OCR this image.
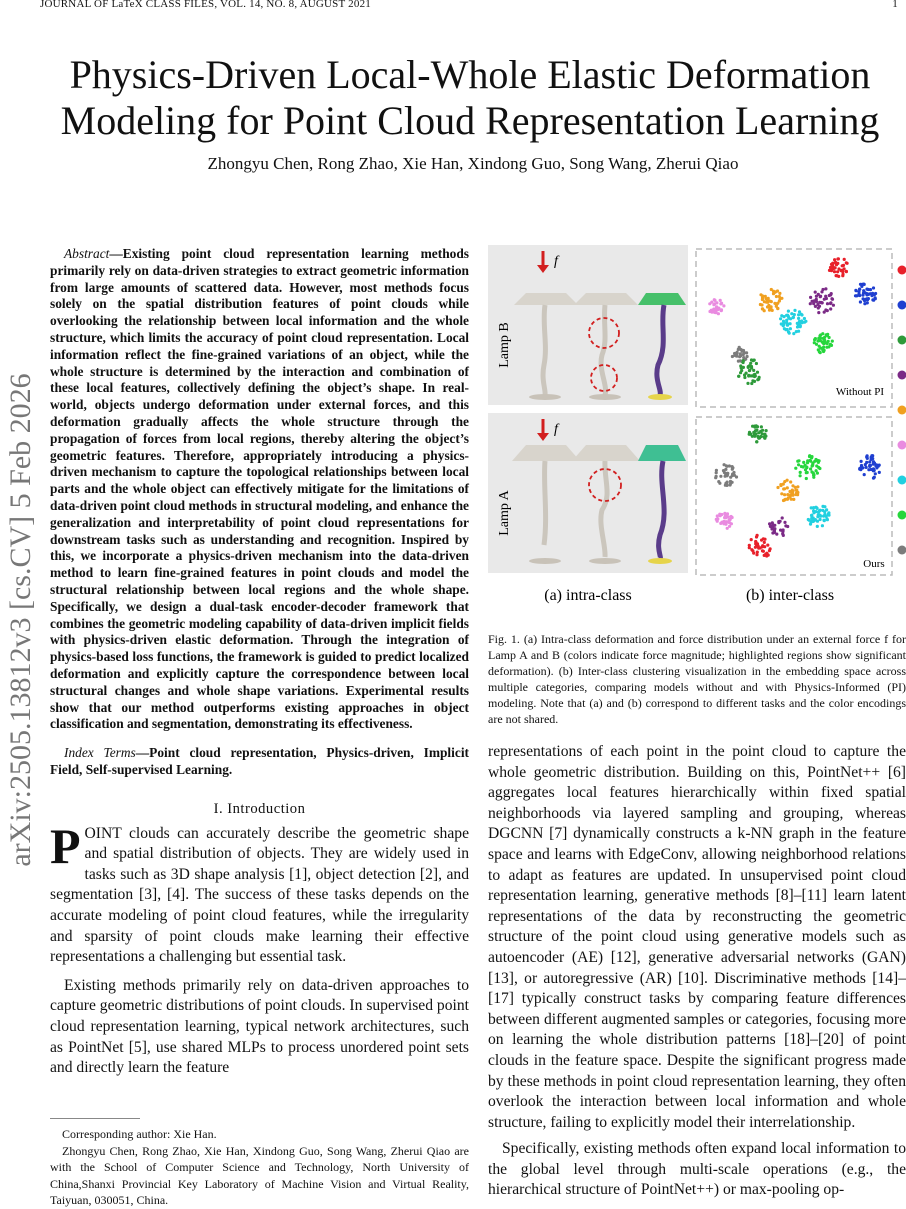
JOURNAL OF LaTeX CLASS FILES, VOL. 14, NO. 8, AUGUST 2021	1
Physics-Driven Local-Whole Elastic Deformation Modeling for Point Cloud Representation Learning
Zhongyu Chen, Rong Zhao, Xie Han, Xindong Guo, Song Wang, Zherui Qiao
arXiv:2505.13812v3 [cs.CV] 5 Feb 2026

Abstract—Existing point cloud representation learning methods primarily rely on data-driven strategies to extract geometric information from large amounts of scattered data. However, most methods focus solely on the spatial distribution features of point clouds while overlooking the relationship between local information and the whole structure, which limits the accuracy of point cloud representation. Local information reflect the fine-grained variations of an object, while the whole structure is determined by the interaction and combination of these local features, collectively defining the object’s shape. In real-world, objects undergo deformation under external forces, and this deformation gradually affects the whole structure through the propagation of forces from local regions, thereby altering the object’s geometric features. Therefore, appropriately introducing a physics-driven mechanism to capture the topological relationships between local parts and the whole object can effectively mitigate for the limitations of data-driven point cloud methods in structural modeling, and enhance the generalization and interpretability of point cloud representations for downstream tasks such as understanding and recognition. Inspired by this, we incorporate a physics-driven mechanism into the data-driven method to learn fine-grained features in point clouds and model the structural relationship between local regions and the whole shape. Specifically, we design a dual-task encoder-decoder framework that combines the geometric modeling capability of data-driven implicit fields with physics-driven elastic deformation. Through the integration of physics-based loss functions, the framework is guided to predict localized deformation and explicitly capture the correspondence between local structural changes and whole shape variations. Experimental results show that our method outperforms existing approaches in object classification and segmentation, demonstrating its effectiveness.

Index Terms—Point cloud representation, Physics-driven, Implicit Field, Self-supervised Learning.

I. Introduction

POINT clouds can accurately describe the geometric shape and spatial distribution of objects. They are widely used in tasks such as 3D shape analysis [1], object detection [2], and segmentation [3], [4]. The success of these tasks depends on the accurate modeling of point cloud features, while the irregularity and sparsity of point clouds make learning their effective representations a challenging but essential task.

Existing methods primarily rely on data-driven approaches to capture geometric distributions of point clouds. In supervised point cloud representation learning, typical network architectures, such as PointNet [5], use shared MLPs to process unordered point sets and directly learn the feature

Corresponding author: Xie Han.

Zhongyu Chen, Rong Zhao, Xie Han, Xindong Guo, Song Wang, Zherui Qiao are with the School of Computer Science and Technology, North University of China,Shanxi Provincial Key Laboratory of Machine Vision and Virtual Reality, Taiyuan, 030051, China.

Lamp B
f
Lamp A
f
Without PI
Ours
(a) intra-class	(b) inter-class
Fig. 1. (a) Intra-class deformation and force distribution under an external force f for Lamp A and B (colors indicate force magnitude; highlighted regions show significant deformation). (b) Inter-class clustering visualization in the embedding space across multiple categories, comparing models without and with Physics-Informed (PI) modeling. Note that (a) and (b) correspond to different tasks and the color encodings are not shared.

representations of each point in the point cloud to capture the whole geometric distribution. Building on this, PointNet++ [6] aggregates local features hierarchically within fixed spatial neighborhoods via layered sampling and grouping, whereas DGCNN [7] dynamically constructs a k-NN graph in the feature space and learns with EdgeConv, allowing neighborhood relations to adapt as features are updated. In unsupervised point cloud representation learning, generative methods [8]–[11] learn latent representations of the data by reconstructing the geometric structure of the point cloud using generative models such as autoencoder (AE) [12], generative adversarial networks (GAN) [13], or autoregressive (AR) [10]. Discriminative methods [14]–[17] typically construct tasks by comparing feature differences between different augmented samples or categories, focusing more on learning the whole distribution patterns [18]–[20] of point clouds in the feature space. Despite the significant progress made by these methods in point cloud representation learning, they often overlook the interaction between local information and whole structure, failing to explicitly model their interrelationship.

Specifically, existing methods often expand local information to the global level through multi-scale operations (e.g., the hierarchical structure of PointNet++) or max-pooling op-
